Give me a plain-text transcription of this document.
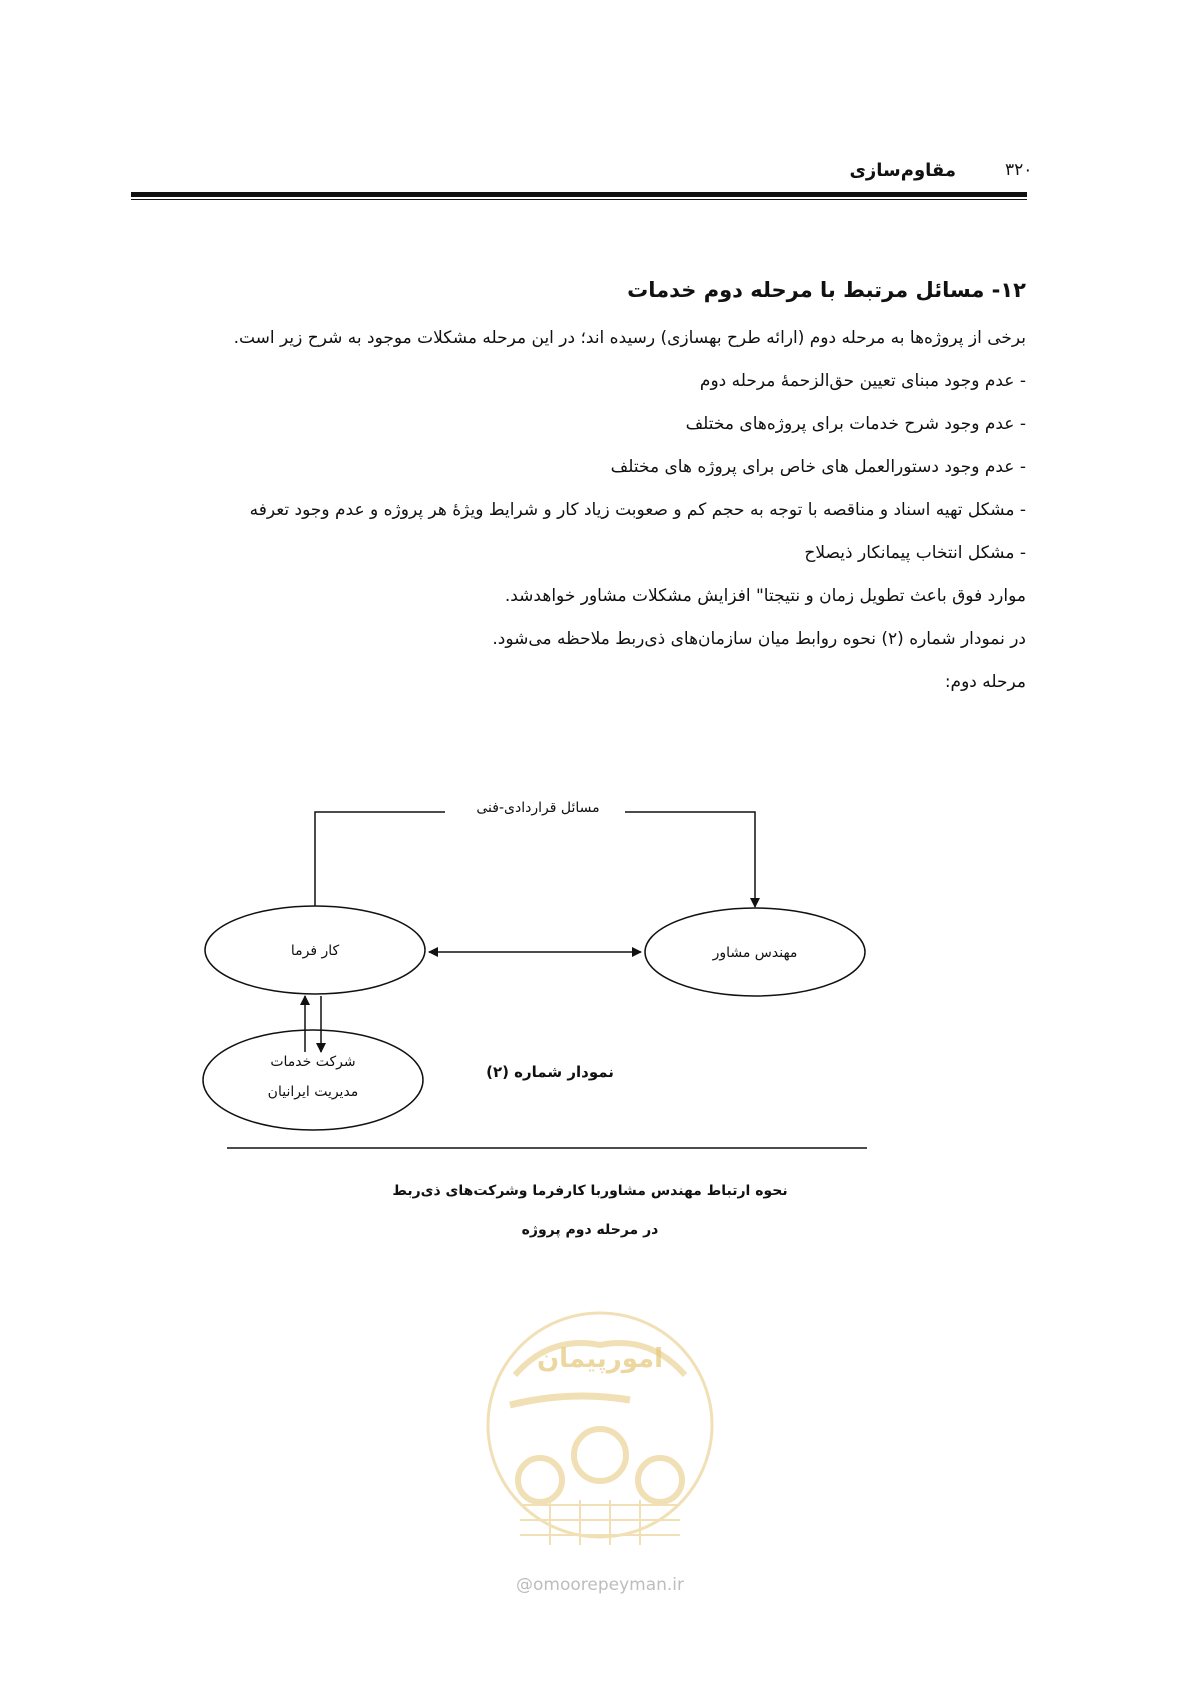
مقاوم‌سازی	۳۲۰
۱۲- مسائل مرتبط با مرحله دوم خدمات
برخی از پروژه‌ها به مرحله دوم (ارائه طرح بهسازی) رسیده اند؛ در این مرحله مشکلات موجود به شرح زیر است.
- عدم وجود مبنای تعیین حق‌الزحمهٔ مرحله دوم
- عدم وجود شرح خدمات برای پروژه‌های مختلف
- عدم وجود دستورالعمل های خاص برای پروژه های مختلف
- مشکل تهیه اسناد و مناقصه با توجه به حجم کم و صعوبت زیاد کار و شرایط ویژهٔ هر پروژه و عدم وجود تعرفه
- مشکل انتخاب پیمانکار ذیصلاح
موارد فوق باعث تطویل زمان و نتیجتا" افزایش مشکلات مشاور خواهدشد.
در نمودار شماره (۲) نحوه روابط میان سازمان‌های ذی‌ربط ملاحظه می‌شود.
مرحله دوم:
مسائل قراردادی-فنی
کار فرما	مهندس مشاور
شرکت خدمات
مدیریت ایرانیان
نمودار شماره (۲)
نحوه ارتباط مهندس مشاوربا کارفرما وشرکت‌های ذی‌ربط
در مرحله دوم پروژه
امورپیمان
@omoorepeyman.ir
